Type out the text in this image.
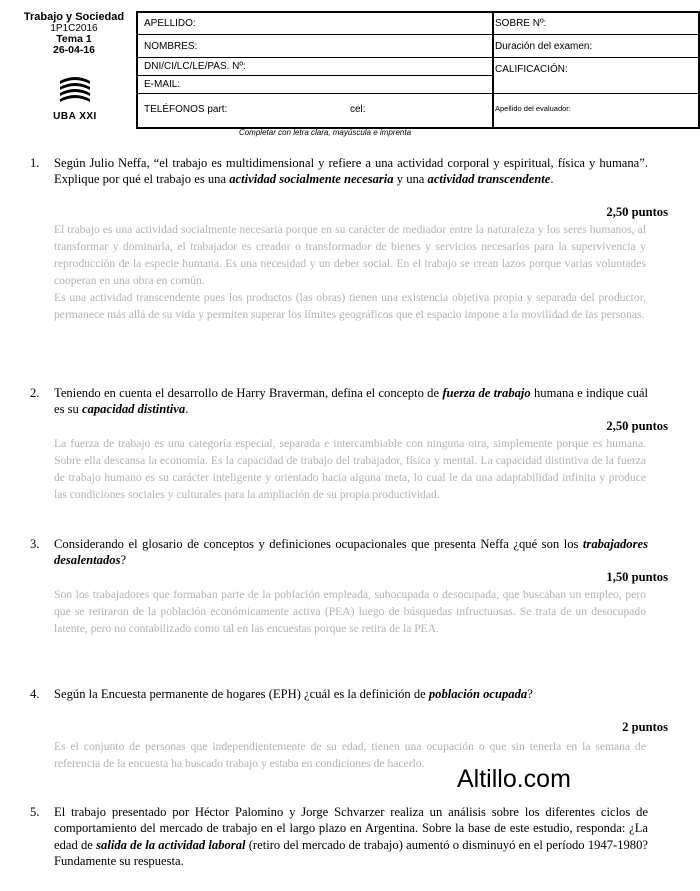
Trabajo y Sociedad
1P1C2016
Tema 1
26-04-16
UBA XXI
APELLIDO:
NOMBRES:
DNI/CI/LC/LE/PAS. Nº:
E-MAIL:
TELÉFONOS part:	cel:
SOBRE Nº:
Duración del examen:
CALIFICACIÓN:
Apellido del evaluador:
Completar con letra clara, mayúscula e imprenta
1. Según Julio Neffa, “el trabajo es multidimensional y refiere a una actividad corporal y espiritual, física y humana”. Explique por qué el trabajo es una actividad socialmente necesaria y una actividad transcendente.
2,50 puntos

El trabajo es una actividad socialmente necesaria porque en su carácter de mediador entre la naturaleza y los seres humanos, al transformar y dominarla, el trabajador es creador o transformador de bienes y servicios necesarios para la supervivencia y reproducción de la especie humana. Es una necesidad y un deber social. En el trabajo se crean lazos porque varias voluntades cooperan en una obra en común.

Es una actividad transcendente pues los productos (las obras) tienen una existencia objetiva propia y separada del productor, permanece más allá de su vida y permiten superar los límites geográficos que el espacio impone a la movilidad de las personas.

2. Teniendo en cuenta el desarrollo de Harry Braverman, defina el concepto de fuerza de trabajo humana e indique cuál es su capacidad distintiva.
2,50 puntos

La fuerza de trabajo es una categoría especial, separada e intercambiable con ninguna otra, simplemente porque es humana. Sobre ella descansa la economía. Es la capacidad de trabajo del trabajador, física y mental. La capacidad distintiva de la fuerza de trabajo humano es su carácter inteligente y orientado hacia alguna meta, lo cual le da una adaptabilidad infinita y produce las condiciones sociales y culturales para la ampliación de su propia productividad.

3. Considerando el glosario de conceptos y definiciones ocupacionales que presenta Neffa ¿qué son los trabajadores desalentados?
1,50 puntos

Son los trabajadores que formaban parte de la población empleada, subocupada o desocupada, que buscaban un empleo, pero que se retiraron de la población económicamente activa (PEA) luego de búsquedas infructuosas. Se trata de un desocupado latente, pero no contabilizado como tal en las encuestas porque se retira de la PEA.

4. Según la Encuesta permanente de hogares (EPH) ¿cuál es la definición de población ocupada?
2 puntos

Es el conjunto de personas que independientemente de su edad, tienen una ocupación o que sin tenerla en la semana de referencia de la encuesta ha buscado trabajo y estaba en condiciones de hacerlo.

Altillo.com
5. El trabajo presentado por Héctor Palomino y Jorge Schvarzer realiza un análisis sobre los diferentes ciclos de comportamiento del mercado de trabajo en el largo plazo en Argentina. Sobre la base de este estudio, responda: ¿La edad de salida de la actividad laboral (retiro del mercado de trabajo) aumentó o disminuyó en el período 1947-1980? Fundamente su respuesta.
